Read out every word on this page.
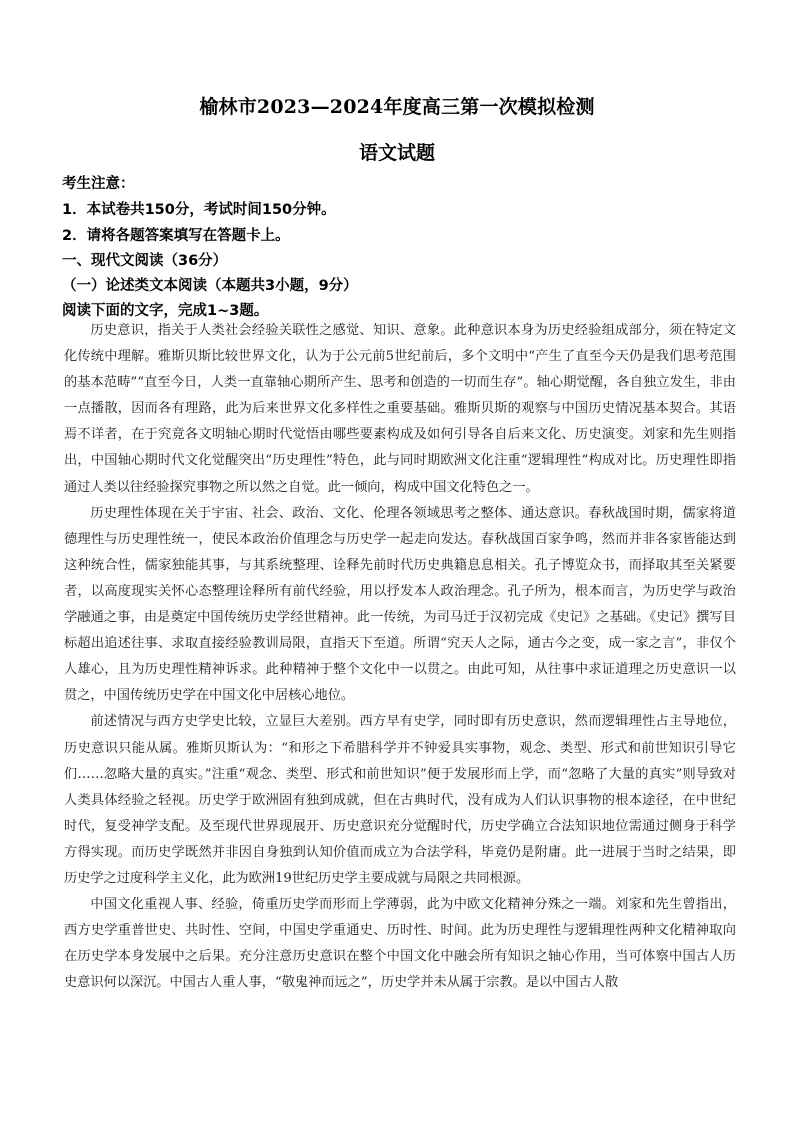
榆林市2023—2024年度高三第一次模拟检测
语文试题
考生注意：
1．本试卷共150分，考试时间150分钟。
2．请将各题答案填写在答题卡上。
一、现代文阅读（36分）
（一）论述类文本阅读（本题共3小题，9分）
阅读下面的文字，完成1~3题。

历史意识，指关于人类社会经验关联性之感觉、知识、意象。此种意识本身为历史经验组成部分，须在特定文化传统中理解。雅斯贝斯比较世界文化，认为于公元前5世纪前后，多个文明中“产生了直至今天仍是我们思考范围的基本范畴”“直至今日，人类一直靠轴心期所产生、思考和创造的一切而生存”。轴心期觉醒，各自独立发生，非由一点播散，因而各有理路，此为后来世界文化多样性之重要基础。雅斯贝斯的观察与中国历史情况基本契合。其语焉不详者，在于究竟各文明轴心期时代觉悟由哪些要素构成及如何引导各自后来文化、历史演变。刘家和先生则指出，中国轴心期时代文化觉醒突出“历史理性”特色，此与同时期欧洲文化注重“逻辑理性”构成对比。历史理性即指通过人类以往经验探究事物之所以然之自觉。此一倾向，构成中国文化特色之一。

历史理性体现在关于宇宙、社会、政治、文化、伦理各领域思考之整体、通达意识。春秋战国时期，儒家将道德理性与历史理性统一，使民本政治价值理念与历史学一起走向发达。春秋战国百家争鸣，然而并非各家皆能达到这种统合性，儒家独能其事，与其系统整理、诠释先前时代历史典籍息息相关。孔子博览众书，而择取其至关紧要者，以高度现实关怀心态整理诠释所有前代经验，用以抒发本人政治理念。孔子所为，根本而言，为历史学与政治学融通之事，由是奠定中国传统历史学经世精神。此一传统，为司马迁于汉初完成《史记》之基础。《史记》撰写目标超出追述往事、求取直接经验教训局限，直指天下至道。所谓“究天人之际，通古今之变，成一家之言”，非仅个人雄心，且为历史理性精神诉求。此种精神于整个文化中一以贯之。由此可知，从往事中求证道理之历史意识一以贯之，中国传统历史学在中国文化中居核心地位。

前述情况与西方史学史比较，立显巨大差别。西方早有史学，同时即有历史意识，然而逻辑理性占主导地位，历史意识只能从属。雅斯贝斯认为：“和形之下希腊科学并不钟爱具实事物，观念、类型、形式和前世知识引导它们……忽略大量的真实。”注重“观念、类型、形式和前世知识”便于发展形而上学，而“忽略了大量的真实”则导致对人类具体经验之轻视。历史学于欧洲固有独到成就，但在古典时代，没有成为人们认识事物的根本途径，在中世纪时代，复受神学支配。及至现代世界现展开、历史意识充分觉醒时代，历史学确立合法知识地位需通过侧身于科学方得实现。而历史学既然并非因自身独到认知价值而成立为合法学科，毕竟仍是附庸。此一进展于当时之结果，即历史学之过度科学主义化，此为欧洲19世纪历史学主要成就与局限之共同根源。

中国文化重视人事、经验，倚重历史学而形而上学薄弱，此为中欧文化精神分殊之一端。刘家和先生曾指出，西方史学重普世史、共时性、空间，中国史学重通史、历时性、时间。此为历史理性与逻辑理性两种文化精神取向在历史学本身发展中之后果。充分注意历史意识在整个中国文化中融会所有知识之轴心作用，当可体察中国古人历史意识何以深沉。中国古人重人事，“敬鬼神而远之”，历史学并未从属于宗教。是以中国古人散
